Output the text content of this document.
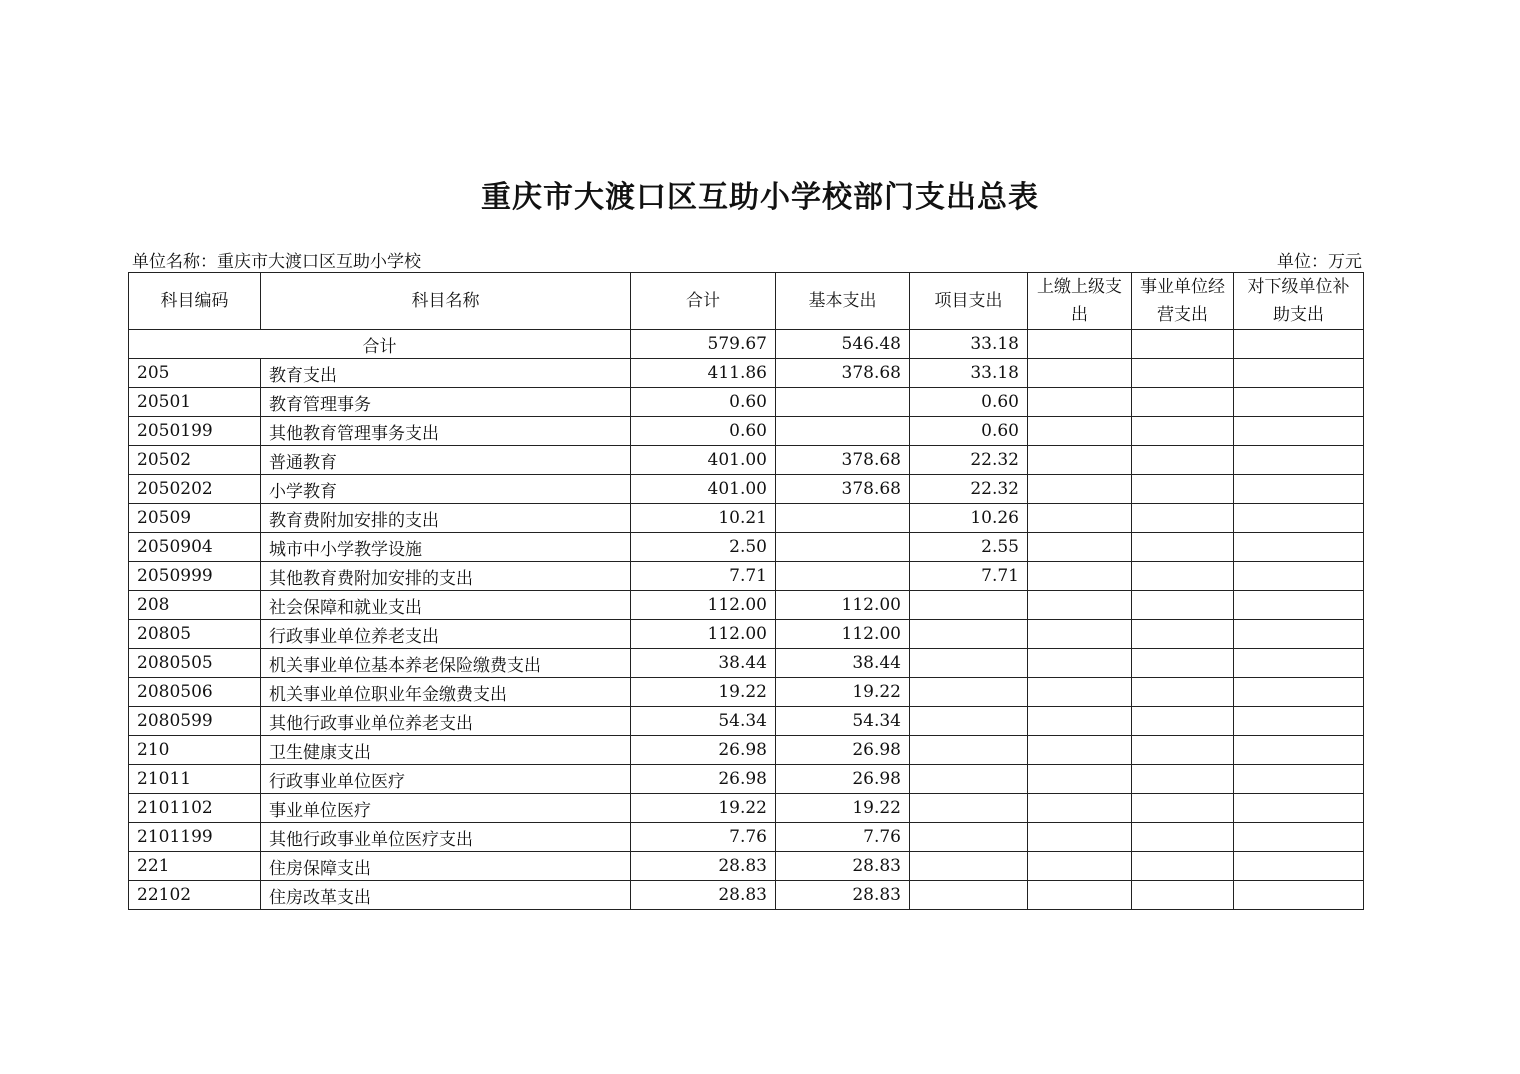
重庆市大渡口区互助小学校部门支出总表
单位名称：重庆市大渡口区互助小学校	单位：万元
科目编码	科目名称	合计	基本支出	项目支出	上缴上级支出	事业单位经营支出	对下级单位补助支出
合计		579.67	546.48	33.18			
205	教育支出	411.86	378.68	33.18			
20501	教育管理事务	0.60		0.60			
2050199	其他教育管理事务支出	0.60		0.60			
20502	普通教育	401.00	378.68	22.32			
2050202	小学教育	401.00	378.68	22.32			
20509	教育费附加安排的支出	10.21		10.26			
2050904	城市中小学教学设施	2.50		2.55			
2050999	其他教育费附加安排的支出	7.71		7.71			
208	社会保障和就业支出	112.00	112.00				
20805	行政事业单位养老支出	112.00	112.00				
2080505	机关事业单位基本养老保险缴费支出	38.44	38.44				
2080506	机关事业单位职业年金缴费支出	19.22	19.22				
2080599	其他行政事业单位养老支出	54.34	54.34				
210	卫生健康支出	26.98	26.98				
21011	行政事业单位医疗	26.98	26.98				
2101102	事业单位医疗	19.22	19.22				
2101199	其他行政事业单位医疗支出	7.76	7.76				
221	住房保障支出	28.83	28.83				
22102	住房改革支出	28.83	28.83				
